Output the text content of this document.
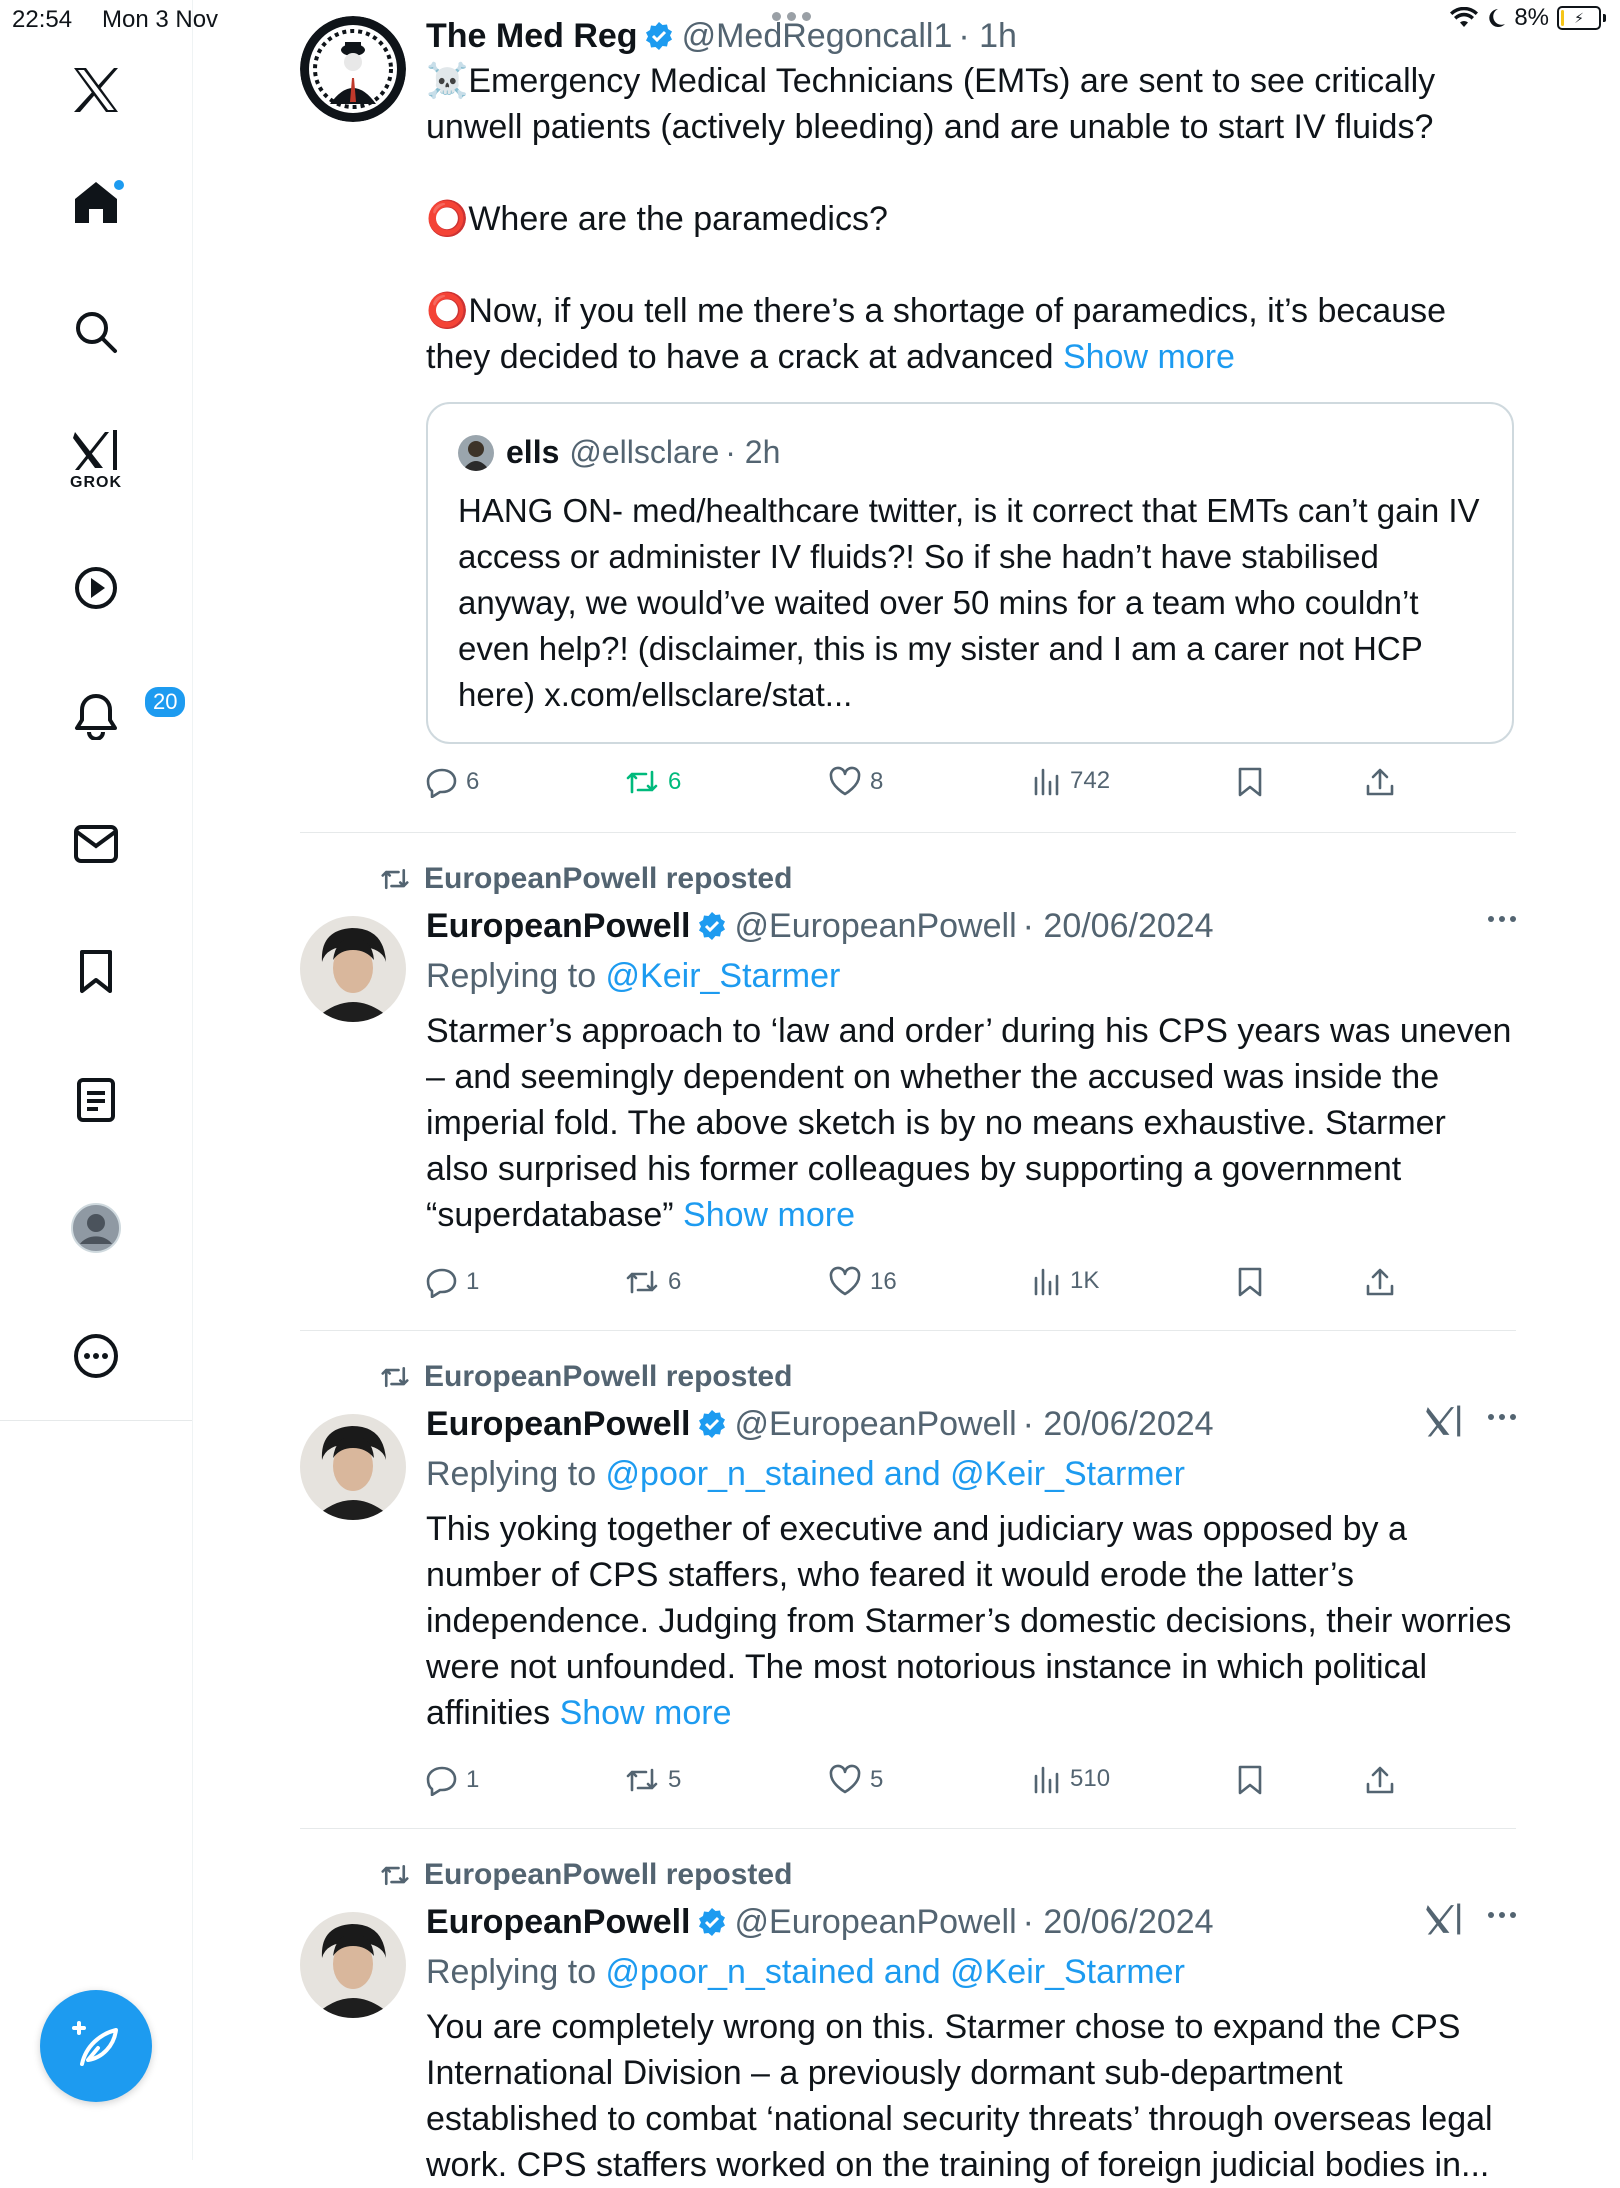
22:54 Mon 3 Nov	8% ⚡
GROK
20
The Med Reg @MedRegoncall1 · 1h
☠️Emergency Medical Technicians (EMTs) are sent to see critically unwell patients (actively bleeding) and are unable to start IV fluids?
⭕Where are the paramedics?
⭕Now, if you tell me there’s a shortage of paramedics, it’s because they decided to have a crack at advanced Show more
ells @ellsclare · 2h
HANG ON- med/healthcare twitter, is it correct that EMTs can’t gain IV access or administer IV fluids?! So if she hadn’t have stabilised anyway, we would’ve waited over 50 mins for a team who couldn’t even help?! (disclaimer, this is my sister and I am a carer not HCP here) x.com/ellsclare/stat...
6	6	8	742
EuropeanPowell reposted
EuropeanPowell @EuropeanPowell · 20/06/2024
Replying to @Keir_Starmer
Starmer’s approach to ‘law and order’ during his CPS years was uneven – and seemingly dependent on whether the accused was inside the imperial fold. The above sketch is by no means exhaustive. Starmer also surprised his former colleagues by supporting a government “superdatabase” Show more
1	6	16	1K
EuropeanPowell reposted
EuropeanPowell @EuropeanPowell · 20/06/2024
Replying to @poor_n_stained and @Keir_Starmer
This yoking together of executive and judiciary was opposed by a number of CPS staffers, who feared it would erode the latter’s independence. Judging from Starmer’s domestic decisions, their worries were not unfounded. The most notorious instance in which political affinities Show more
1	5	5	510
EuropeanPowell reposted
EuropeanPowell @EuropeanPowell · 20/06/2024
Replying to @poor_n_stained and @Keir_Starmer
You are completely wrong on this. Starmer chose to expand the CPS International Division – a previously dormant sub-department established to combat ‘national security threats’ through overseas legal work. CPS staffers worked on the training of foreign judicial bodies in...
